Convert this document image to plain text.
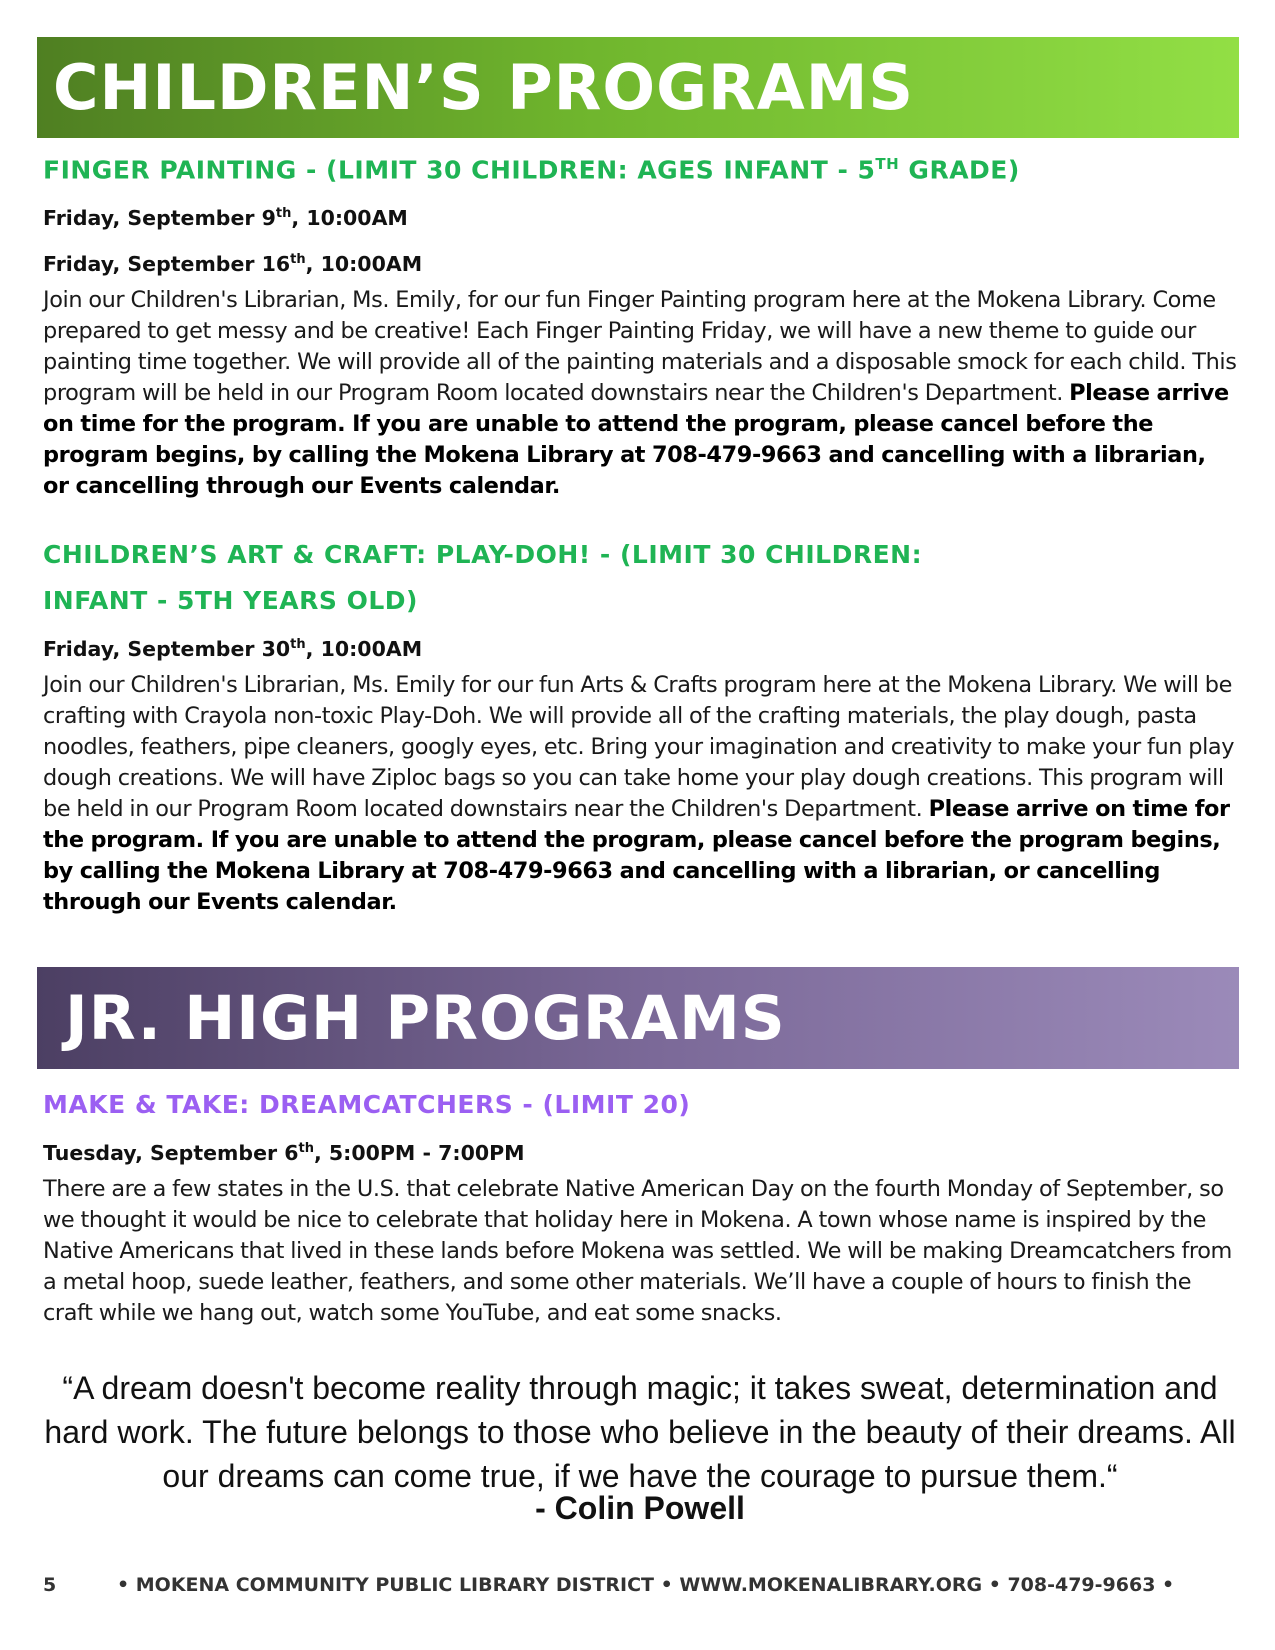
CHILDREN’S PROGRAMS

FINGER PAINTING - (LIMIT 30 CHILDREN: AGES INFANT - 5TH GRADE)

Friday, September 9th, 10:00AM

Friday, September 16th, 10:00AM

Join our Children's Librarian, Ms. Emily, for our fun Finger Painting program here at the Mokena Library. Come prepared to get messy and be creative! Each Finger Painting Friday, we will have a new theme to guide our painting time together. We will provide all of the painting materials and a disposable smock for each child. This program will be held in our Program Room located downstairs near the Children's Department. Please arrive on time for the program. If you are unable to attend the program, please cancel before the program begins, by calling the Mokena Library at 708-479-9663 and cancelling with a librarian, or cancelling through our Events calendar.

CHILDREN’S ART & CRAFT: PLAY-DOH! - (LIMIT 30 CHILDREN:

INFANT - 5TH YEARS OLD)

Friday, September 30th, 10:00AM

Join our Children's Librarian, Ms. Emily for our fun Arts & Crafts program here at the Mokena Library. We will be crafting with Crayola non-toxic Play-Doh. We will provide all of the crafting materials, the play dough, pasta noodles, feathers, pipe cleaners, googly eyes, etc. Bring your imagination and creativity to make your fun play dough creations. We will have Ziploc bags so you can take home your play dough creations. This program will be held in our Program Room located downstairs near the Children's Department. Please arrive on time for the program. If you are unable to attend the program, please cancel before the program begins, by calling the Mokena Library at 708-479-9663 and cancelling with a librarian, or cancelling through our Events calendar.

JR. HIGH PROGRAMS

MAKE & TAKE: DREAMCATCHERS - (LIMIT 20)

Tuesday, September 6th, 5:00PM - 7:00PM

There are a few states in the U.S. that celebrate Native American Day on the fourth Monday of September, so we thought it would be nice to celebrate that holiday here in Mokena. A town whose name is inspired by the Native Americans that lived in these lands before Mokena was settled. We will be making Dreamcatchers from a metal hoop, suede leather, feathers, and some other materials. We’ll have a couple of hours to finish the craft while we hang out, watch some YouTube, and eat some snacks.

“A dream doesn't become reality through magic; it takes sweat, determination and hard work. The future belongs to those who believe in the beauty of their dreams. All our dreams can come true, if we have the courage to pursue them.“
- Colin Powell
5	• MOKENA COMMUNITY PUBLIC LIBRARY DISTRICT • WWW.MOKENALIBRARY.ORG • 708-479-9663 •
